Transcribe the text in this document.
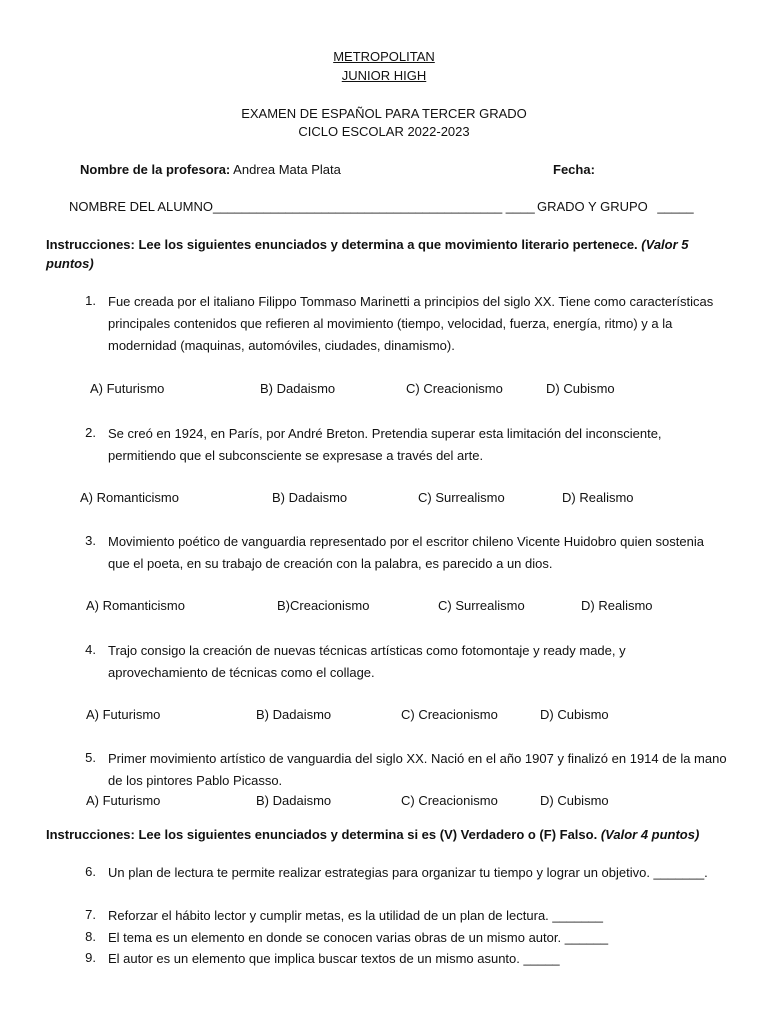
METROPOLITAN
JUNIOR HIGH
EXAMEN DE ESPAÑOL PARA TERCER GRADO
CICLO ESCOLAR 2022-2023
Nombre de la profesora: Andrea Mata Plata	Fecha:
NOMBRE DEL ALUMNO________________________________________ ____ GRADO Y GRUPO _____
Instrucciones: Lee los siguientes enunciados y determina a que movimiento literario pertenece. (Valor 5
puntos)
1. Fue creada por el italiano Filippo Tommaso Marinetti a principios del siglo XX. Tiene como características principales contenidos que refieren al movimiento (tiempo, velocidad, fuerza, energía, ritmo) y a la modernidad (maquinas, automóviles, ciudades, dinamismo).
A) Futurismo	B) Dadaismo	C) Creacionismo	D) Cubismo
2. Se creó en 1924, en París, por André Breton. Pretendia superar esta limitación del inconsciente, permitiendo que el subconsciente se expresase a través del arte.
A) Romanticismo	B) Dadaismo	C) Surrealismo	D) Realismo
3. Movimiento poético de vanguardia representado por el escritor chileno Vicente Huidobro quien sostenia que el poeta, en su trabajo de creación con la palabra, es parecido a un dios.
A) Romanticismo	B)Creacionismo	C) Surrealismo	D) Realismo
4. Trajo consigo la creación de nuevas técnicas artísticas como fotomontaje y ready made, y aprovechamiento de técnicas como el collage.
A) Futurismo	B) Dadaismo	C) Creacionismo	D) Cubismo
5. Primer movimiento artístico de vanguardia del siglo XX. Nació en el año 1907 y finalizó en 1914 de la mano de los pintores Pablo Picasso.
A) Futurismo	B) Dadaismo	C) Creacionismo	D) Cubismo
Instrucciones: Lee los siguientes enunciados y determina si es (V) Verdadero o (F) Falso. (Valor 4 puntos)
6. Un plan de lectura te permite realizar estrategias para organizar tu tiempo y lograr un objetivo. _______.
7. Reforzar el hábito lector y cumplir metas, es la utilidad de un plan de lectura. _______
8. El tema es un elemento en donde se conocen varias obras de un mismo autor. ______
9. El autor es un elemento que implica buscar textos de un mismo asunto. _____
